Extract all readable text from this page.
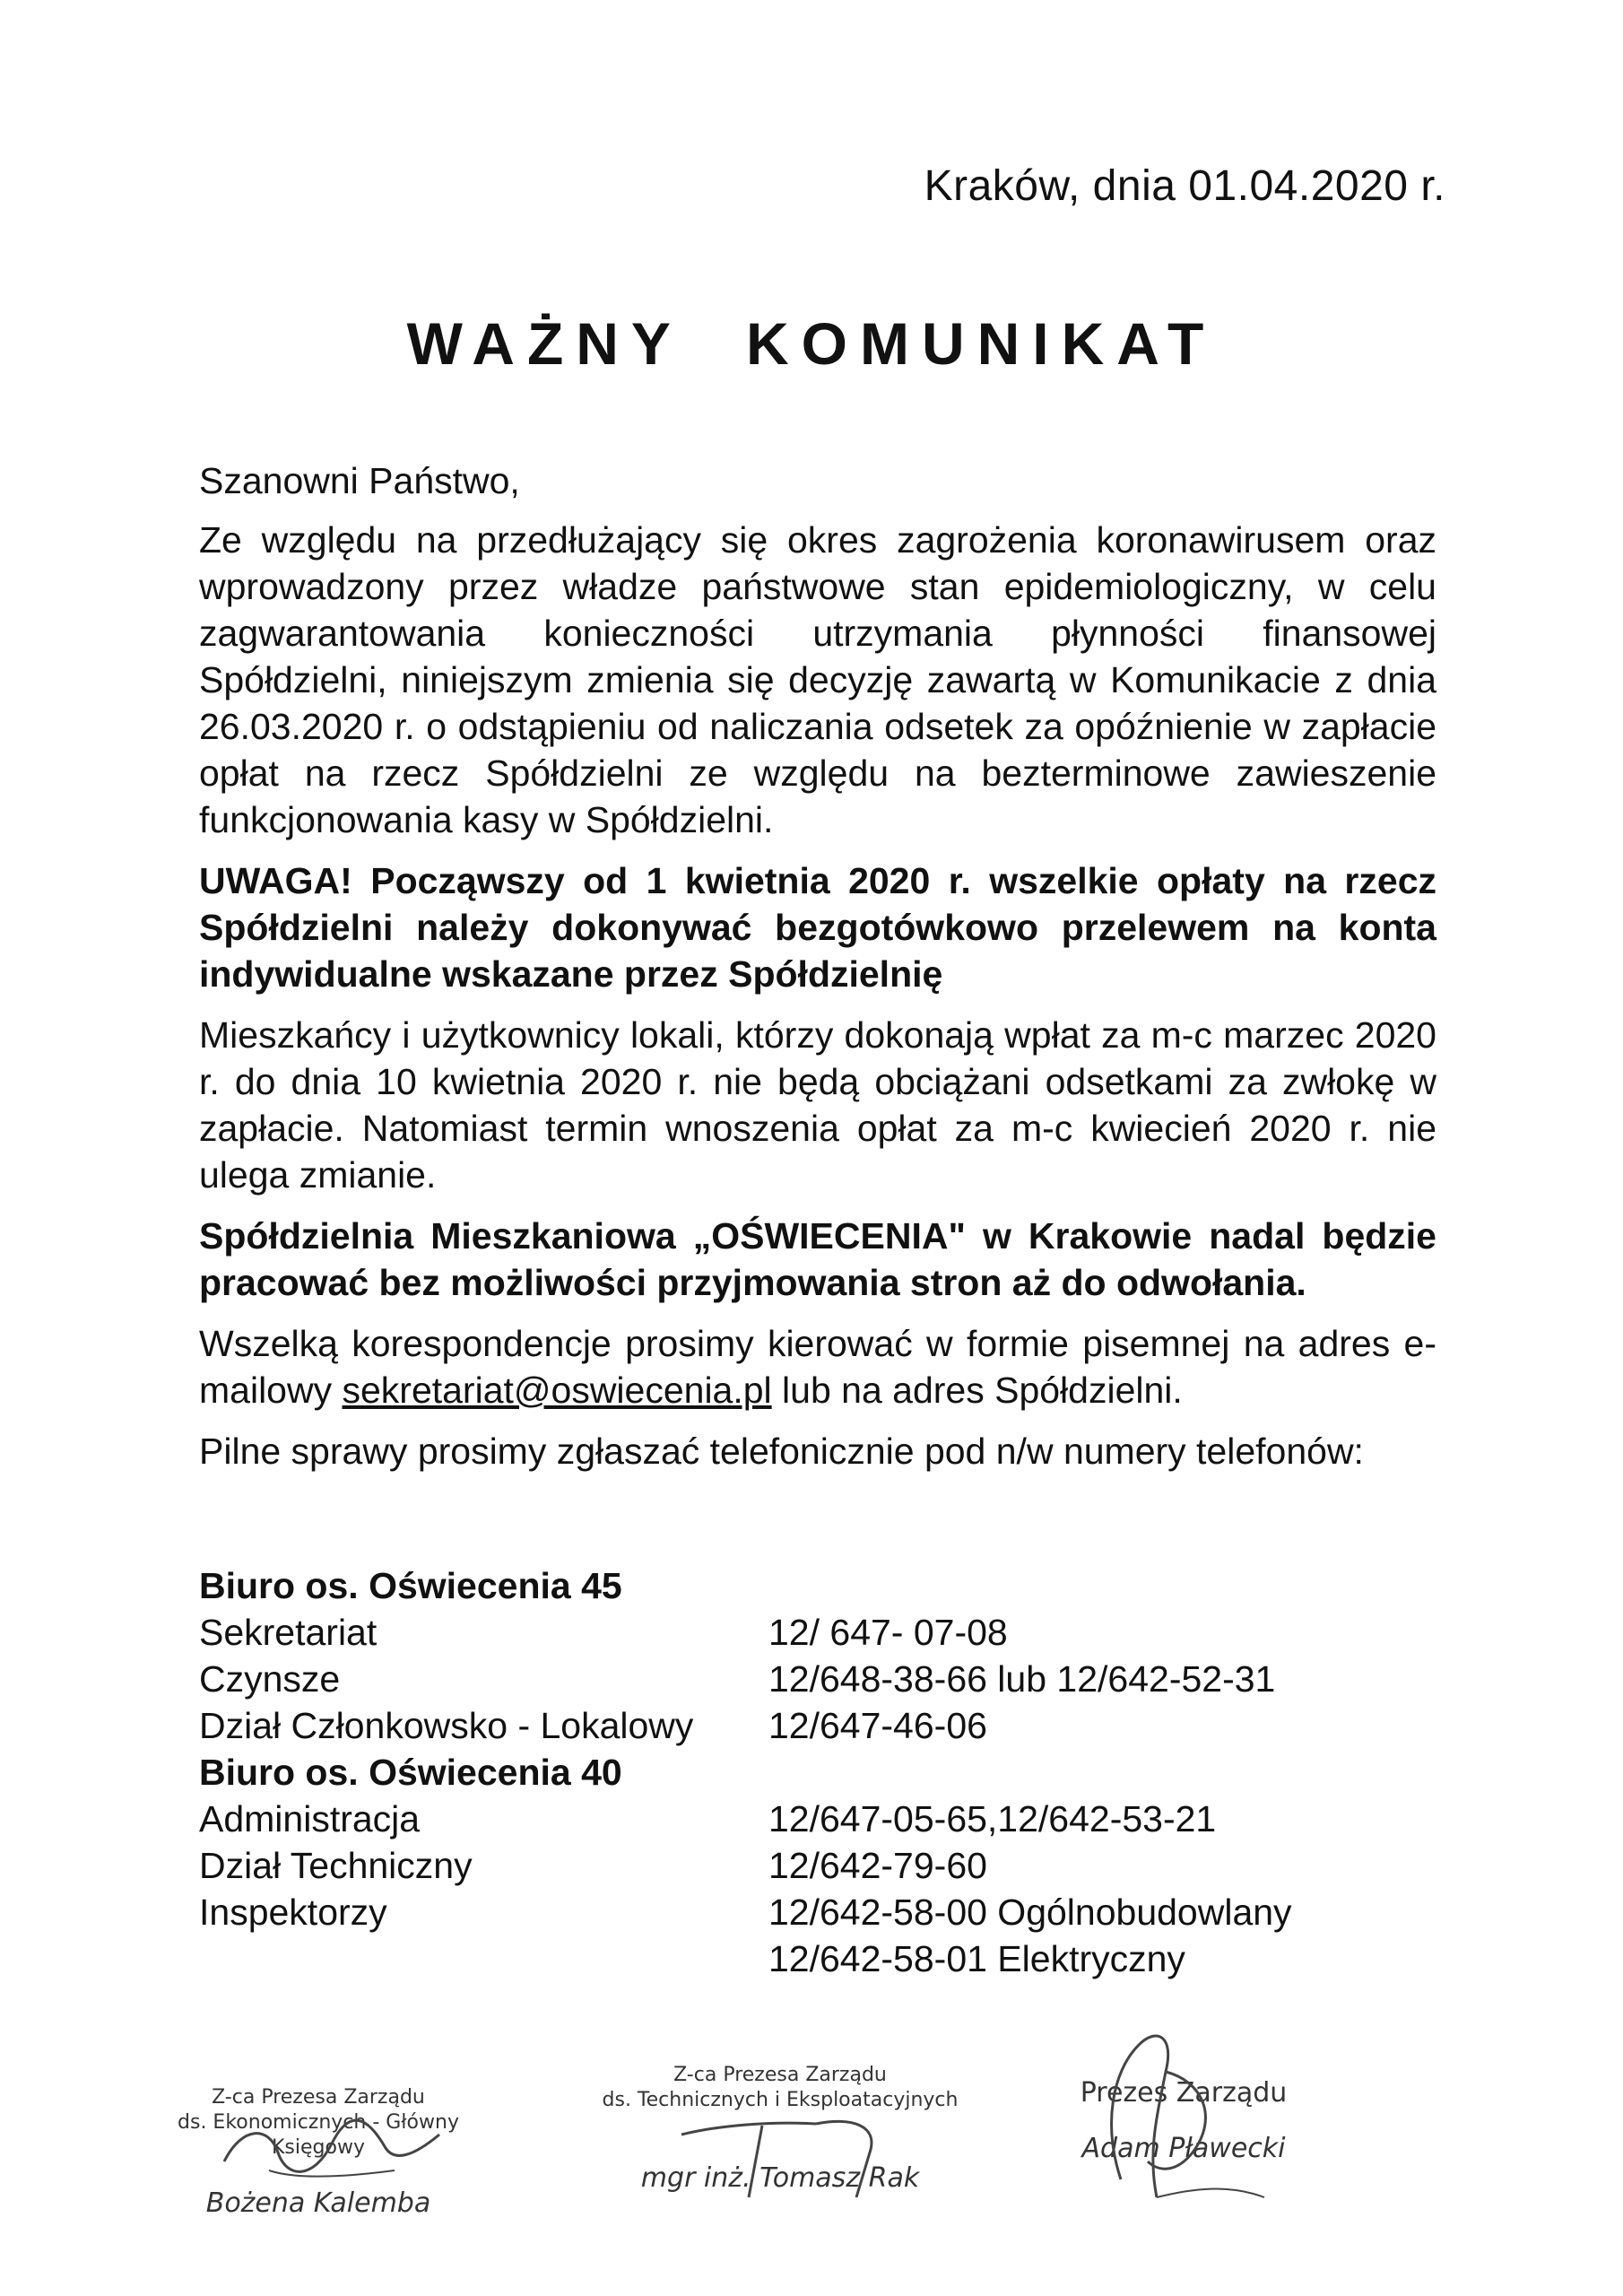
Kraków, dnia 01.04.2020 r.
WAŻNY KOMUNIKAT

Szanowni Państwo,

Ze względu na przedłużający się okres zagrożenia koronawirusem oraz wprowadzony przez władze państwowe stan epidemiologiczny, w celu zagwarantowania konieczności utrzymania płynności finansowej Spółdzielni, niniejszym zmienia się decyzję zawartą w Komunikacie z dnia 26.03.2020 r. o odstąpieniu od naliczania odsetek za opóźnienie w zapłacie opłat na rzecz Spółdzielni ze względu na bezterminowe zawieszenie funkcjonowania kasy w Spółdzielni.

UWAGA! Począwszy od 1 kwietnia 2020 r. wszelkie opłaty na rzecz Spółdzielni należy dokonywać bezgotówkowo przelewem na konta indywidualne wskazane przez Spółdzielnię

Mieszkańcy i użytkownicy lokali, którzy dokonają wpłat za m-c marzec 2020 r. do dnia 10 kwietnia 2020 r. nie będą obciążani odsetkami za zwłokę w zapłacie. Natomiast termin wnoszenia opłat za m-c kwiecień 2020 r. nie ulega zmianie.

Spółdzielnia Mieszkaniowa „OŚWIECENIA" w Krakowie nadal będzie pracować bez możliwości przyjmowania stron aż do odwołania.

Wszelką korespondencje prosimy kierować w formie pisemnej na adres e-mailowy sekretariat@oswiecenia.pl lub na adres Spółdzielni.

Pilne sprawy prosimy zgłaszać telefonicznie pod n/w numery telefonów:

Biuro os. Oświecenia 45
Sekretariat	12/ 647- 07-08
Czynsze	12/648-38-66 lub 12/642-52-31
Dział Członkowsko - Lokalowy	12/647-46-06
Biuro os. Oświecenia 40
Administracja	12/647-05-65,12/642-53-21
Dział Techniczny	12/642-79-60
Inspektorzy	12/642-58-00 Ogólnobudowlany
12/642-58-01 Elektryczny
Z-ca Prezesa Zarządu
ds. Ekonomicznych - Główny Księgowy
Bożena Kalemba
Z-ca Prezesa Zarządu
ds. Technicznych i Eksploatacyjnych
mgr inż. Tomasz Rak
Prezes Zarządu
Adam Pławecki
